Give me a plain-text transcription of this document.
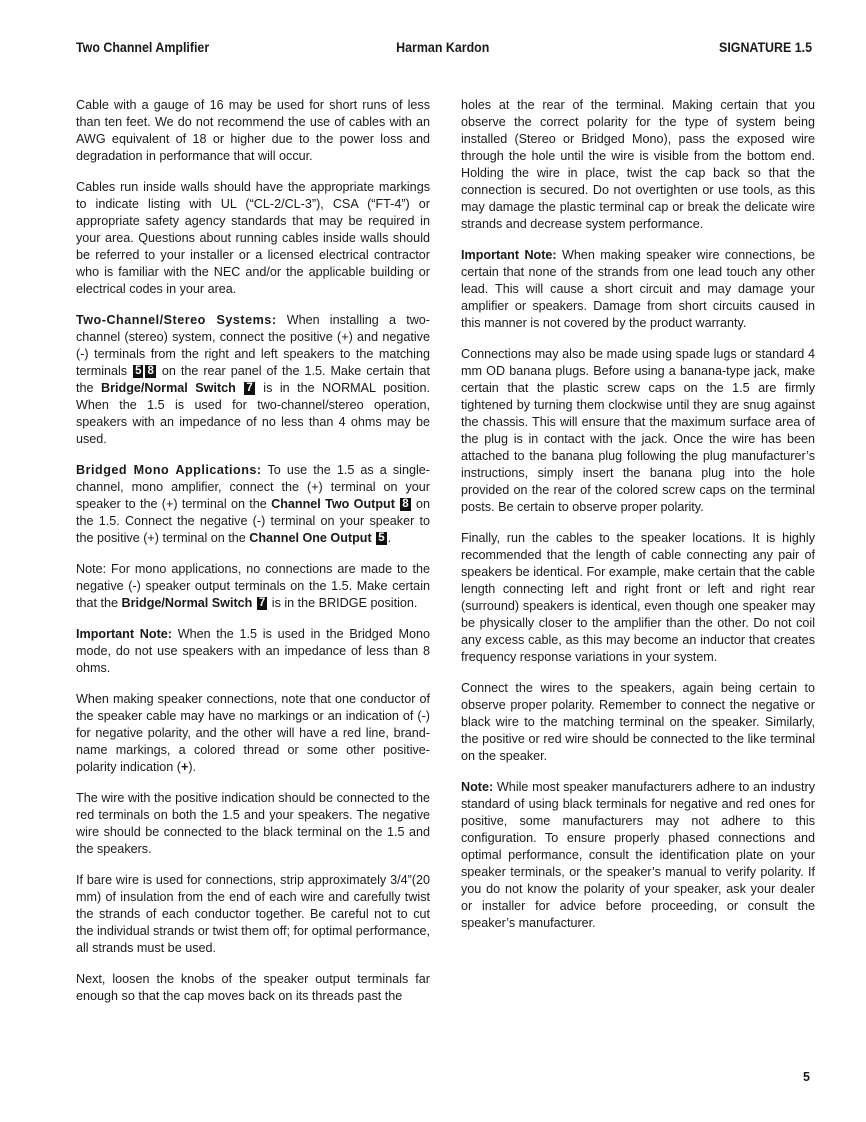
Two Channel Amplifier	Harman Kardon	SIGNATURE 1.5

Cable with a gauge of 16 may be used for short runs of less than ten feet. We do not recommend the use of cables with an AWG equivalent of 18 or higher due to the power loss and degradation in performance that will occur.

Cables run inside walls should have the appropriate markings to indicate listing with UL (“CL-2/CL-3”), CSA (“FT-4”) or appropriate safety agency standards that may be required in your area. Questions about running cables inside walls should be referred to your installer or a licensed electrical contractor who is familiar with the NEC and/or the applicable building or electrical codes in your area.

Two-Channel/Stereo Systems: When installing a two-channel (stereo) system, connect the positive (+) and negative (-) terminals from the right and left speakers to the matching terminals 5 8 on the rear panel of the 1.5. Make certain that the Bridge/Normal Switch 7 is in the NORMAL position. When the 1.5 is used for two-channel/stereo operation, speakers with an impedance of no less than 4 ohms may be used.

Bridged Mono Applications: To use the 1.5 as a single-channel, mono amplifier, connect the (+) terminal on your speaker to the (+) terminal on the Channel Two Output 8 on the 1.5. Connect the negative (-) terminal on your speaker to the positive (+) terminal on the Channel One Output 5 .

Note: For mono applications, no connections are made to the negative (-) speaker output terminals on the 1.5. Make certain that the Bridge/Normal Switch 7 is in the BRIDGE position.

Important Note: When the 1.5 is used in the Bridged Mono mode, do not use speakers with an impedance of less than 8 ohms.

When making speaker connections, note that one conductor of the speaker cable may have no markings or an indication of (-) for negative polarity, and the other will have a red line, brand-name markings, a colored thread or some other positive-polarity indication (+).

The wire with the positive indication should be connected to the red terminals on both the 1.5 and your speakers. The negative wire should be connected to the black terminal on the 1.5 and the speakers.

If bare wire is used for connections, strip approximately 3/4”(20 mm) of insulation from the end of each wire and carefully twist the strands of each conductor together. Be careful not to cut the individual strands or twist them off; for optimal performance, all strands must be used.

Next, loosen the knobs of the speaker output terminals far enough so that the cap moves back on its threads past the

holes at the rear of the terminal. Making certain that you observe the correct polarity for the type of system being installed (Stereo or Bridged Mono), pass the exposed wire through the hole until the wire is visible from the bottom end. Holding the wire in place, twist the cap back so that the connection is secured. Do not overtighten or use tools, as this may damage the plastic terminal cap or break the delicate wire strands and decrease system performance.

Important Note: When making speaker wire connections, be certain that none of the strands from one lead touch any other lead. This will cause a short circuit and may damage your amplifier or speakers. Damage from short circuits caused in this manner is not covered by the product warranty.

Connections may also be made using spade lugs or standard 4 mm OD banana plugs. Before using a banana-type jack, make certain that the plastic screw caps on the 1.5 are firmly tightened by turning them clockwise until they are snug against the chassis. This will ensure that the maximum surface area of the plug is in contact with the jack. Once the wire has been attached to the banana plug following the plug manufacturer’s instructions, simply insert the banana plug into the hole provided on the rear of the colored screw caps on the terminal posts. Be certain to observe proper polarity.

Finally, run the cables to the speaker locations. It is highly recommended that the length of cable connecting any pair of speakers be identical. For example, make certain that the cable length connecting left and right front or left and right rear (surround) speakers is identical, even though one speaker may be physically closer to the amplifier than the other. Do not coil any excess cable, as this may become an inductor that creates frequency response variations in your system.

Connect the wires to the speakers, again being certain to observe proper polarity. Remember to connect the negative or black wire to the matching terminal on the speaker. Similarly, the positive or red wire should be connected to the like terminal on the speaker.

Note: While most speaker manufacturers adhere to an industry standard of using black terminals for negative and red ones for positive, some manufacturers may not adhere to this configuration. To ensure properly phased connections and optimal performance, consult the identification plate on your speaker terminals, or the speaker’s manual to verify polarity. If you do not know the polarity of your speaker, ask your dealer or installer for advice before proceeding, or consult the speaker’s manufacturer.

5
